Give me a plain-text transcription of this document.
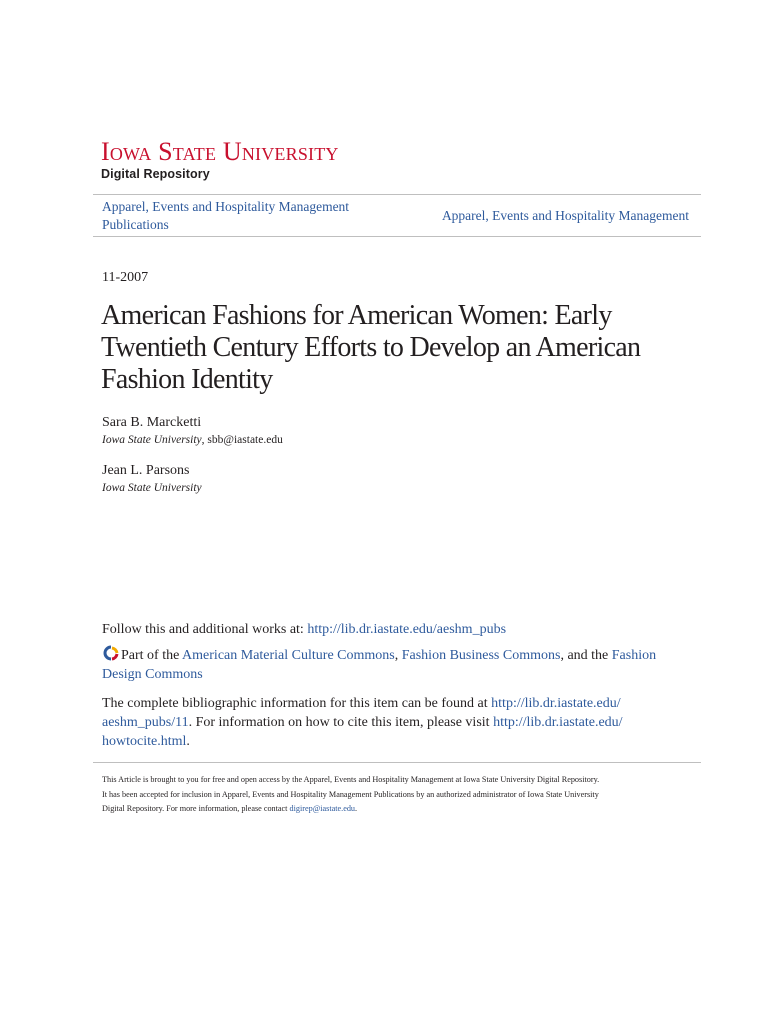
Iowa State University
Digital Repository
Apparel, Events and Hospitality Management
Publications
Apparel, Events and Hospitality Management
11-2007
American Fashions for American Women: Early
Twentieth Century Efforts to Develop an American
Fashion Identity
Sara B. Marcketti
Iowa State University, sbb@iastate.edu
Jean L. Parsons
Iowa State University
Follow this and additional works at: http://lib.dr.iastate.edu/aeshm_pubs
Part of the American Material Culture Commons, Fashion Business Commons, and the Fashion
Design Commons
The complete bibliographic information for this item can be found at http://lib.dr.iastate.edu/
aeshm_pubs/11. For information on how to cite this item, please visit http://lib.dr.iastate.edu/
howtocite.html.
This Article is brought to you for free and open access by the Apparel, Events and Hospitality Management at Iowa State University Digital Repository.
It has been accepted for inclusion in Apparel, Events and Hospitality Management Publications by an authorized administrator of Iowa State University
Digital Repository. For more information, please contact digirep@iastate.edu.
